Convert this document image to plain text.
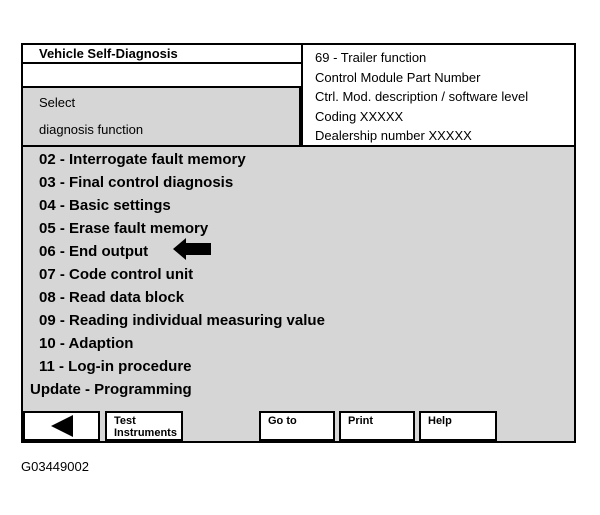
Vehicle Self-Diagnosis
Select
diagnosis function
69 - Trailer function
Control Module Part Number
Ctrl. Mod. description / software level
Coding XXXXX
Dealership number XXXXX
02 - Interrogate fault memory
03 - Final control diagnosis
04 - Basic settings
05 - Erase fault memory
06 - End output
07 - Code control unit
08 - Read data block
09 - Reading individual measuring value
10 - Adaption
11 - Log-in procedure
Update - Programming
Test
Instruments
Go to	Print	Help
G03449002
